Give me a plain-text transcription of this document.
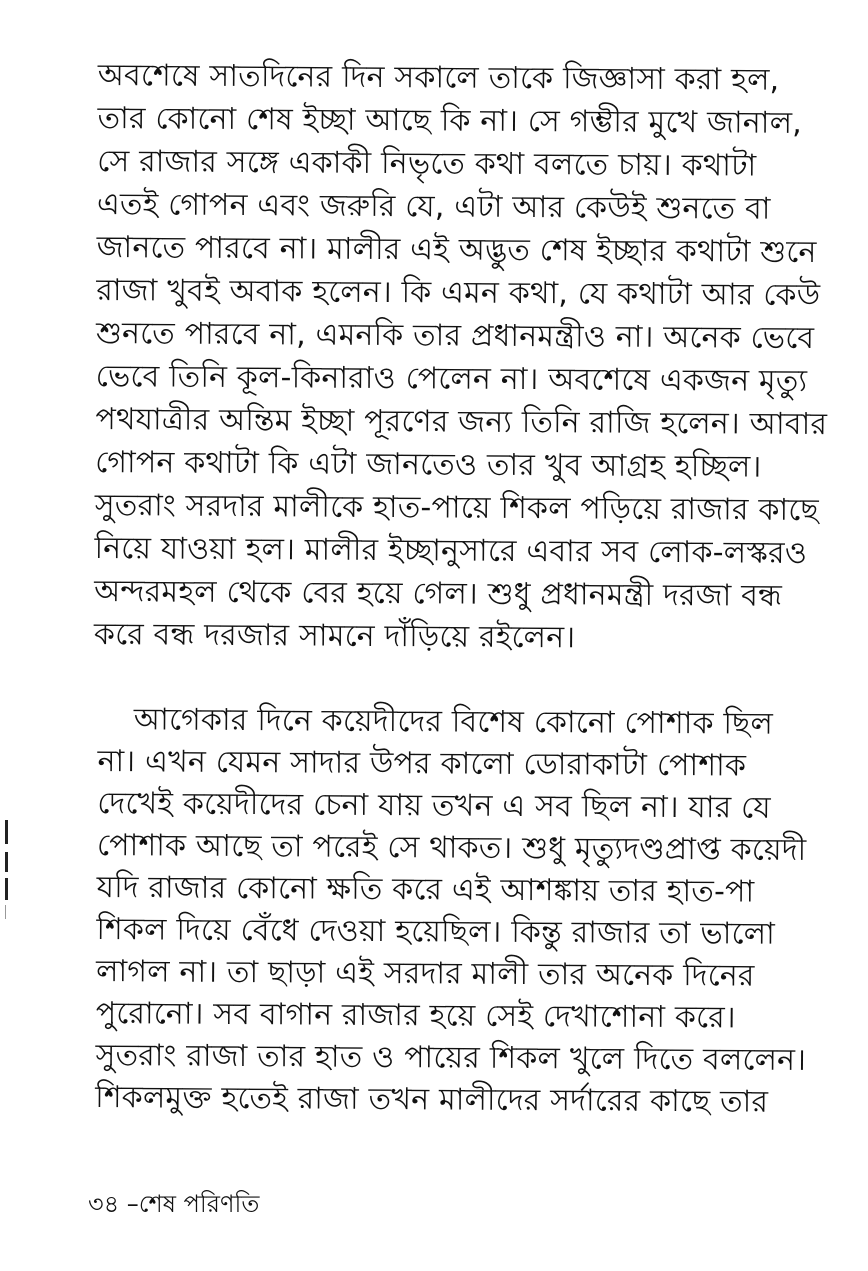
অবশেষে সাতদিনের দিন সকালে তাকে জিজ্ঞাসা করা হল,
তার কোনো শেষ ইচ্ছা আছে কি না। সে গম্ভীর মুখে জানাল,
সে রাজার সঙ্গে একাকী নিভৃতে কথা বলতে চায়। কথাটা
এতই গোপন এবং জরুরি যে, এটা আর কেউই শুনতে বা
জানতে পারবে না। মালীর এই অদ্ভুত শেষ ইচ্ছার কথাটা শুনে
রাজা খুবই অবাক হলেন। কি এমন কথা, যে কথাটা আর কেউ
শুনতে পারবে না, এমনকি তার প্রধানমন্ত্রীও না। অনেক ভেবে
ভেবে তিনি কূল-কিনারাও পেলেন না। অবশেষে একজন মৃত্যু
পথযাত্রীর অন্তিম ইচ্ছা পূরণের জন্য তিনি রাজি হলেন। আবার
গোপন কথাটা কি এটা জানতেও তার খুব আগ্রহ হচ্ছিল।
সুতরাং সরদার মালীকে হাত-পায়ে শিকল পড়িয়ে রাজার কাছে
নিয়ে যাওয়া হল। মালীর ইচ্ছানুসারে এবার সব লোক-লস্করও
অন্দরমহল থেকে বের হয়ে গেল। শুধু প্রধানমন্ত্রী দরজা বন্ধ
করে বন্ধ দরজার সামনে দাঁড়িয়ে রইলেন।
আগেকার দিনে কয়েদীদের বিশেষ কোনো পোশাক ছিল
না। এখন যেমন সাদার উপর কালো ডোরাকাটা পোশাক
দেখেই কয়েদীদের চেনা যায় তখন এ সব ছিল না। যার যে
পোশাক আছে তা পরেই সে থাকত। শুধু মৃত্যুদণ্ডপ্রাপ্ত কয়েদী
যদি রাজার কোনো ক্ষতি করে এই আশঙ্কায় তার হাত-পা
শিকল দিয়ে বেঁধে দেওয়া হয়েছিল। কিন্তু রাজার তা ভালো
লাগল না। তা ছাড়া এই সরদার মালী তার অনেক দিনের
পুরোনো। সব বাগান রাজার হয়ে সেই দেখাশোনা করে।
সুতরাং রাজা তার হাত ও পায়ের শিকল খুলে দিতে বললেন।
শিকলমুক্ত হতেই রাজা তখন মালীদের সর্দারের কাছে তার
৩৪ –শেষ পরিণতি
